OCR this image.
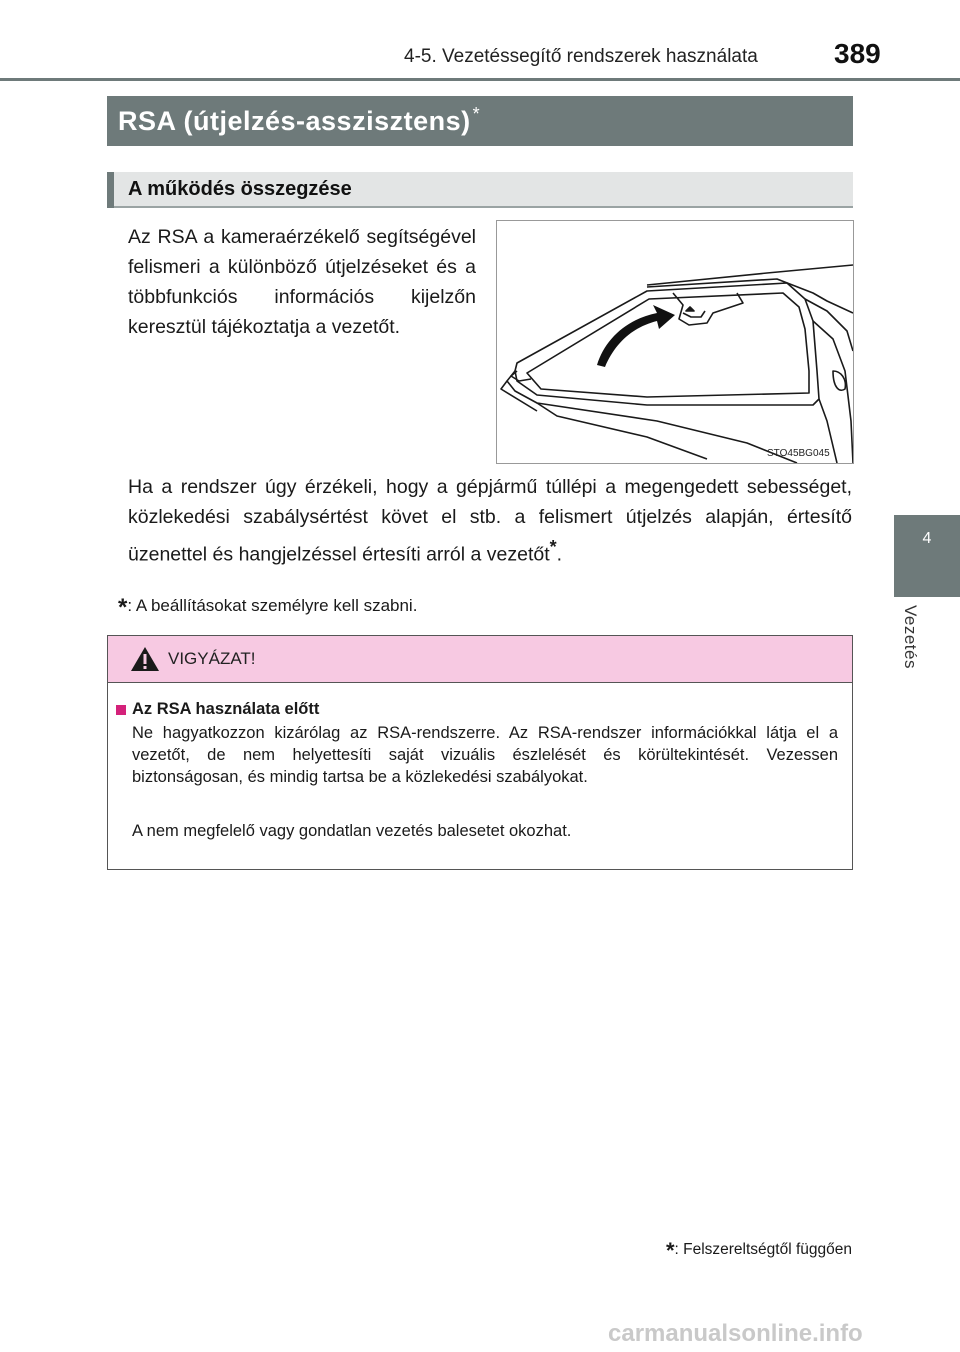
4-5. Vezetéssegítő rendszerek használata	389
4
Vezetés
RSA (útjelzés-asszisztens) *
A működés összegzése
Az RSA a kameraérzékelő segítségével felismeri a különböző útjelzéseket és a többfunkciós információs kijelzőn keresztül tájékoztatja a vezetőt.
STO45BG045
Ha a rendszer úgy érzékeli, hogy a gépjármű túllépi a megengedett sebességet, közlekedési szabálysértést követ el stb. a felismert útjelzés alapján, értesítő üzenettel és hangjelzéssel értesíti arról a vezetőt*.
*: A beállításokat személyre kell szabni.
VIGYÁZAT!
Az RSA használata előtt
Ne hagyatkozzon kizárólag az RSA-rendszerre. Az RSA-rendszer információkkal látja el a vezetőt, de nem helyettesíti saját vizuális észlelését és körültekintését. Vezessen biztonságosan, és mindig tartsa be a közlekedési szabályokat.
A nem megfelelő vagy gondatlan vezetés balesetet okozhat.
*: Felszereltségtől függően
carmanualsonline.info
